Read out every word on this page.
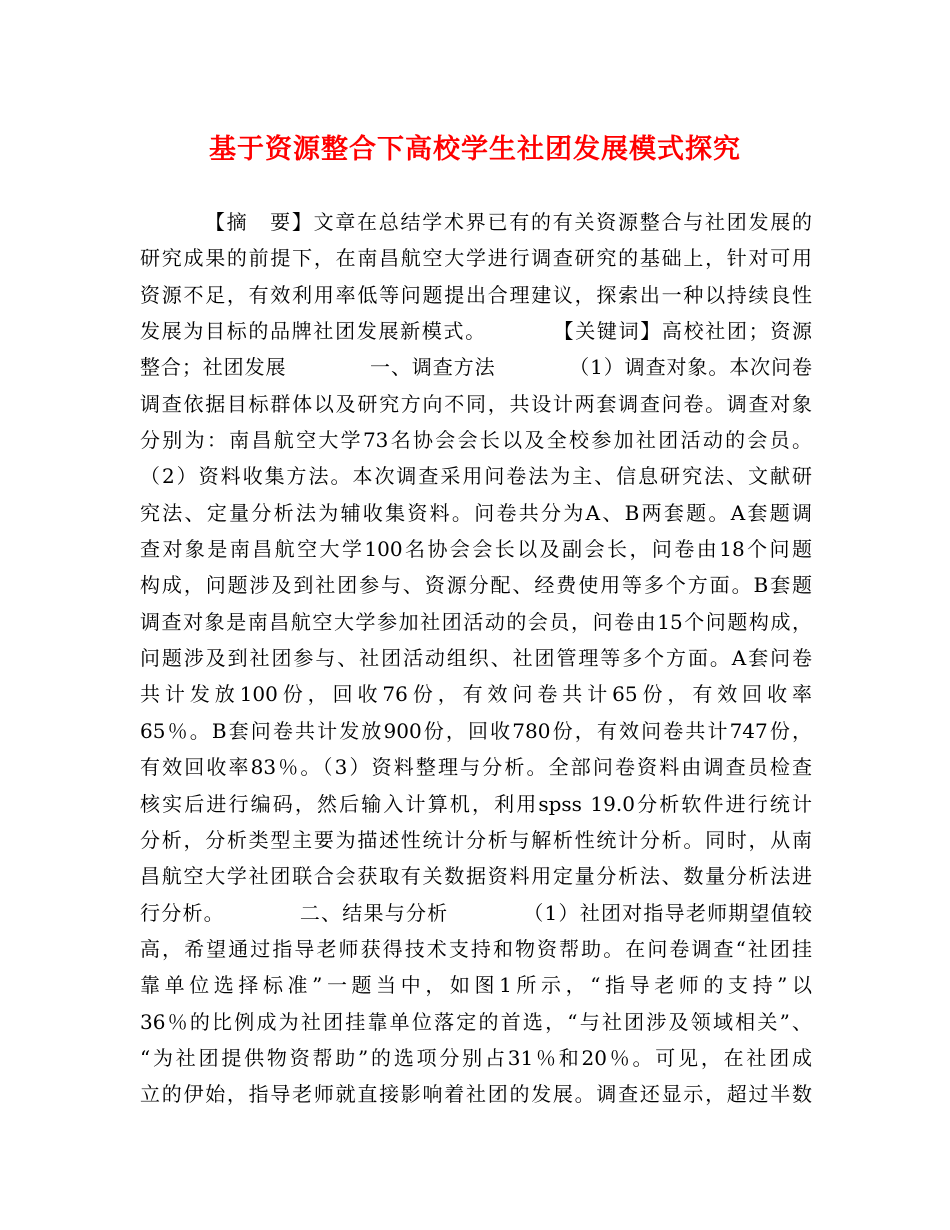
基于资源整合下高校学生社团发展模式探究
【摘　要】文章在总结学术界已有的有关资源整合与社团发展的
研究成果的前提下，在南昌航空大学进行调查研究的基础上，针对可用
资源不足，有效利用率低等问题提出合理建议，探索出一种以持续良性
发展为目标的品牌社团发展新模式。　　　　【关键词】高校社团；资源
整合；社团发展　　　　一、调查方法　　　　（1）调查对象。本次问卷
调查依据目标群体以及研究方向不同，共设计两套调查问卷。调查对象
分别为：南昌航空大学73名协会会长以及全校参加社团活动的会员。
（2）资料收集方法。本次调查采用问卷法为主、信息研究法、文献研
究法、定量分析法为辅收集资料。问卷共分为A、B两套题。A套题调
查对象是南昌航空大学100名协会会长以及副会长，问卷由18个问题
构成，问题涉及到社团参与、资源分配、经费使用等多个方面。B套题
调查对象是南昌航空大学参加社团活动的会员，问卷由15个问题构成，
问题涉及到社团参与、社团活动组织、社团管理等多个方面。A套问卷
共计发放100份，回收76份，有效问卷共计65份，有效回收率
65％。B套问卷共计发放900份，回收780份，有效问卷共计747份，
有效回收率83％。（3）资料整理与分析。全部问卷资料由调查员检查
核实后进行编码，然后输入计算机，利用spss 19.0分析软件进行统计
分析，分析类型主要为描述性统计分析与解析性统计分析。同时，从南
昌航空大学社团联合会获取有关数据资料用定量分析法、数量分析法进
行分析。　　　　二、结果与分析　　　　（1）社团对指导老师期望值较
高，希望通过指导老师获得技术支持和物资帮助。在问卷调查“社团挂
靠单位选择标准”一题当中，如图1所示，“指导老师的支持”以
36％的比例成为社团挂靠单位落定的首选，“与社团涉及领域相关”、
“为社团提供物资帮助”的选项分别占31％和20％。可见，在社团成
立的伊始，指导老师就直接影响着社团的发展。调查还显示，超过半数
